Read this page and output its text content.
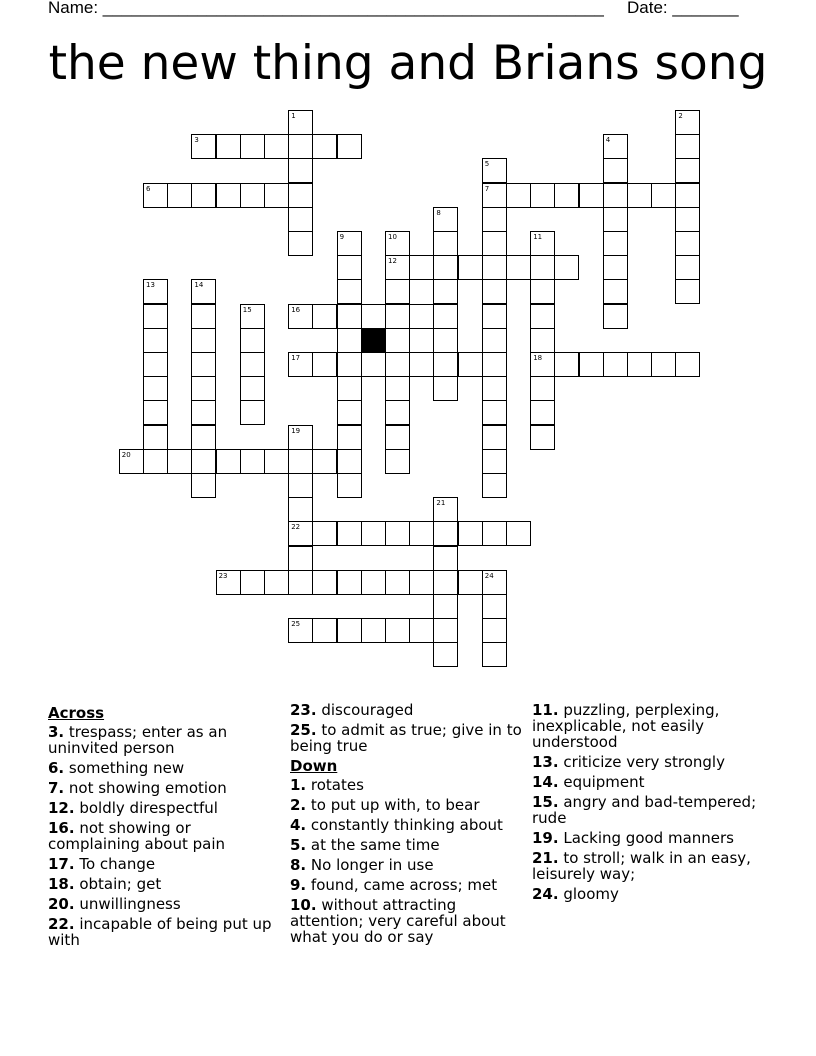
Name: _____________________________________________________ Date: _______
the new thing and Brians song
3
6	7
12
16
17	18
20
22
23	24
25
1	2
4
5
8
9	10	11
13	14
15
19
21
Across
3. trespass; enter as an uninvited person
6. something new
7. not showing emotion
12. boldly direspectful
16. not showing or complaining about pain
17. To change
18. obtain; get
20. unwillingness
22. incapable of being put up with
23. discouraged
25. to admit as true; give in to being true
Down
1. rotates
2. to put up with, to bear
4. constantly thinking about
5. at the same time
8. No longer in use
9. found, came across; met
10. without attracting attention; very careful about what you do or say
11. puzzling, perplexing, inexplicable, not easily understood
13. criticize very strongly
14. equipment
15. angry and bad-tempered; rude
19. Lacking good manners
21. to stroll; walk in an easy, leisurely way;
24. gloomy
